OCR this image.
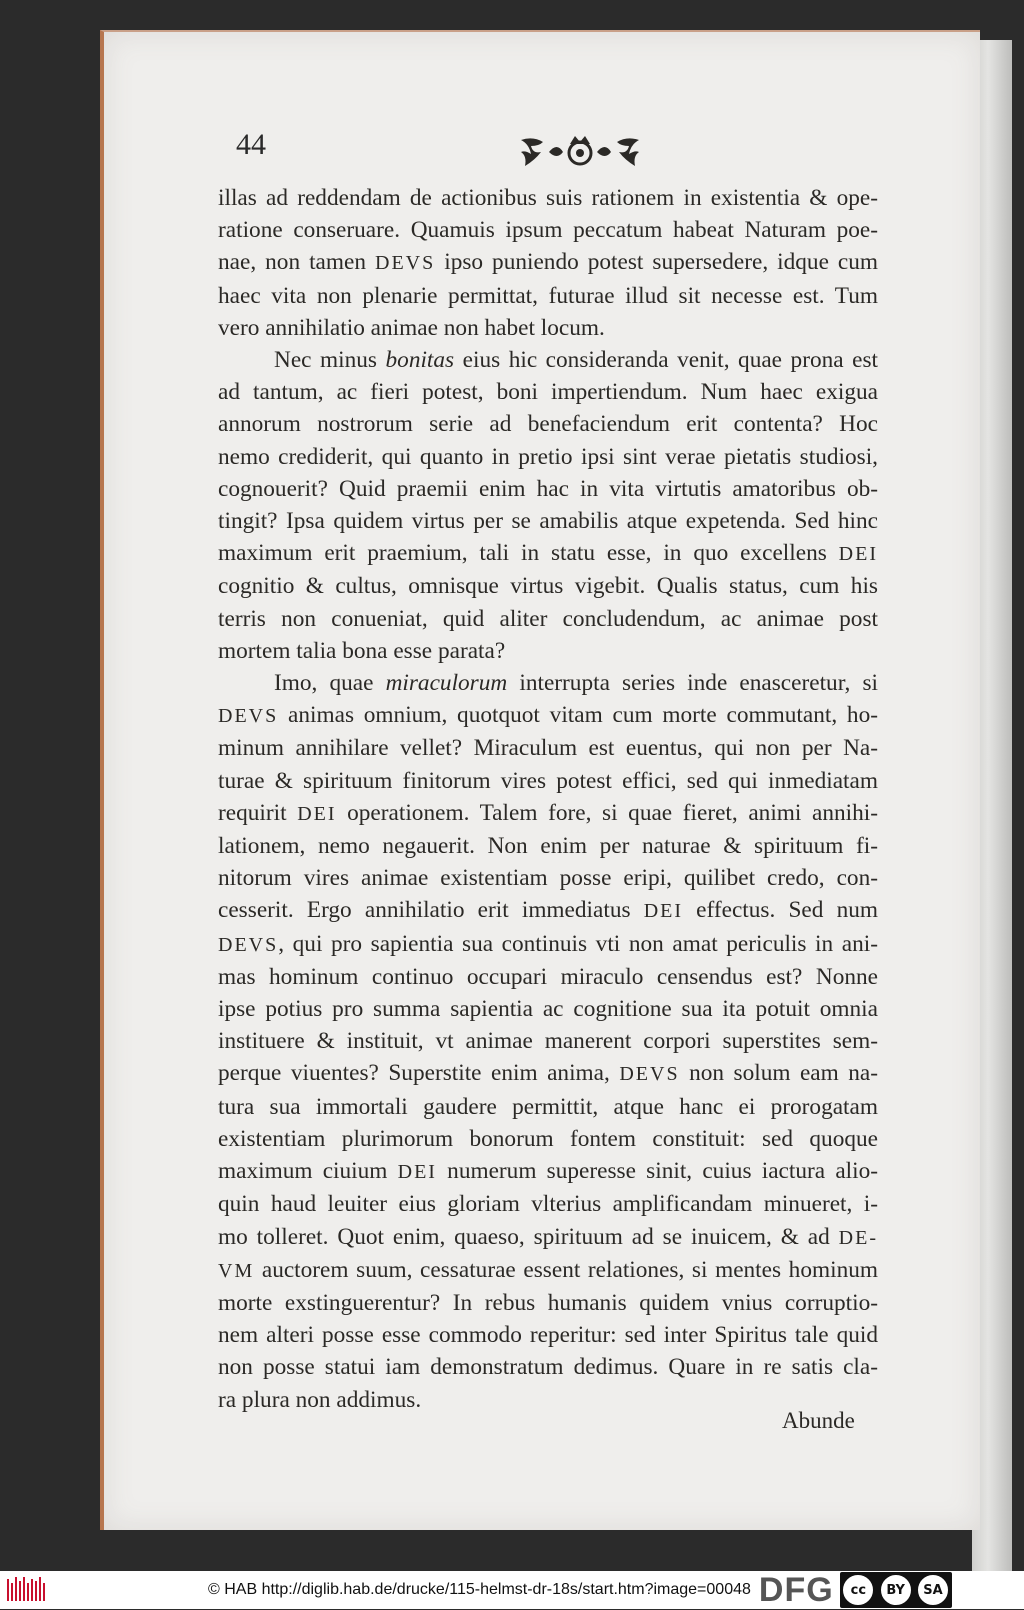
44
illas ad reddendam de actionibus suis rationem in existentia & ope-
ratione conseruare. Quamuis ipsum peccatum habeat Naturam poe-
nae, non tamen DEVS ipso puniendo potest supersedere, idque cum
haec vita non plenarie permittat, futurae illud sit necesse est. Tum
vero annihilatio animae non habet locum.
Nec minus bonitas eius hic consideranda venit, quae prona est
ad tantum, ac fieri potest, boni impertiendum. Num haec exigua
annorum nostrorum serie ad benefaciendum erit contenta? Hoc
nemo crediderit, qui quanto in pretio ipsi sint verae pietatis studiosi,
cognouerit? Quid praemii enim hac in vita virtutis amatoribus ob-
tingit? Ipsa quidem virtus per se amabilis atque expetenda. Sed hinc
maximum erit praemium, tali in statu esse, in quo excellens DEI
cognitio & cultus, omnisque virtus vigebit. Qualis status, cum his
terris non conueniat, quid aliter concludendum, ac animae post
mortem talia bona esse parata?
Imo, quae miraculorum interrupta series inde enasceretur, si
DEVS animas omnium, quotquot vitam cum morte commutant, ho-
minum annihilare vellet? Miraculum est euentus, qui non per Na-
turae & spirituum finitorum vires potest effici, sed qui inmediatam
requirit DEI operationem. Talem fore, si quae fieret, animi annihi-
lationem, nemo negauerit. Non enim per naturae & spirituum fi-
nitorum vires animae existentiam posse eripi, quilibet credo, con-
cesserit. Ergo annihilatio erit immediatus DEI effectus. Sed num
DEVS, qui pro sapientia sua continuis vti non amat periculis in ani-
mas hominum continuo occupari miraculo censendus est? Nonne
ipse potius pro summa sapientia ac cognitione sua ita potuit omnia
instituere & instituit, vt animae manerent corpori superstites sem-
perque viuentes? Superstite enim anima, DEVS non solum eam na-
tura sua immortali gaudere permittit, atque hanc ei prorogatam
existentiam plurimorum bonorum fontem constituit: sed quoque
maximum ciuium DEI numerum superesse sinit, cuius iactura alio-
quin haud leuiter eius gloriam vlterius amplificandam minueret, i-
mo tolleret. Quot enim, quaeso, spirituum ad se inuicem, & ad DE-
VM auctorem suum, cessaturae essent relationes, si mentes hominum
morte exstinguerentur? In rebus humanis quidem vnius corruptio-
nem alteri posse esse commodo reperitur: sed inter Spiritus tale quid
non posse statui iam demonstratum dedimus. Quare in re satis cla-
ra plura non addimus.
Abunde
© HAB http://diglib.hab.de/drucke/115-helmst-dr-18s/start.htm?image=00048 DFG	cc	BY	SA
